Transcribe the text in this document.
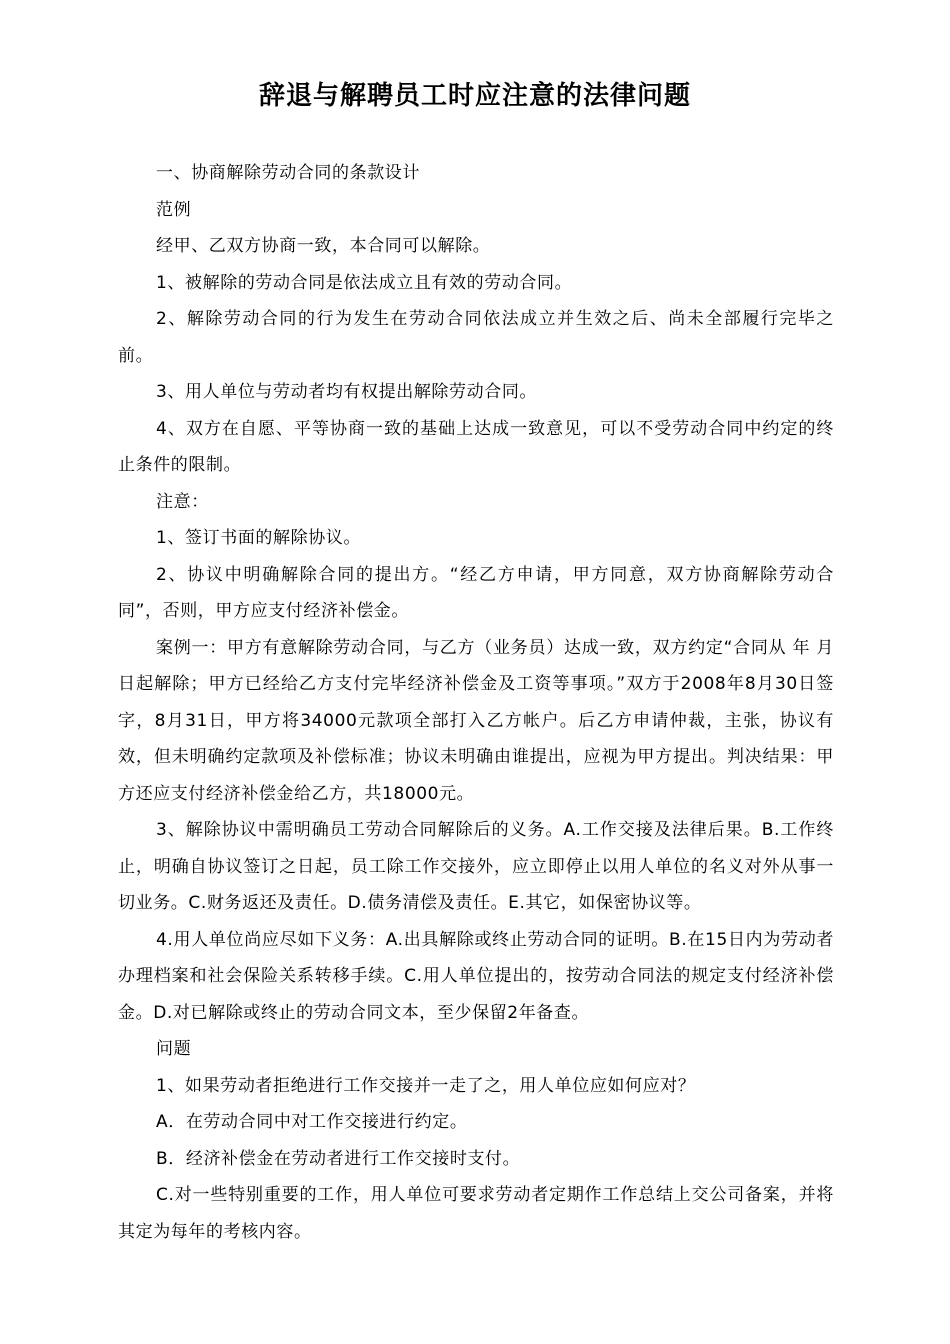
辞退与解聘员工时应注意的法律问题

一、协商解除劳动合同的条款设计

范例

经甲、乙双方协商一致，本合同可以解除。

1、被解除的劳动合同是依法成立且有效的劳动合同。

2、解除劳动合同的行为发生在劳动合同依法成立并生效之后、尚未全部履行完毕之前。

3、用人单位与劳动者均有权提出解除劳动合同。

4、双方在自愿、平等协商一致的基础上达成一致意见，可以不受劳动合同中约定的终止条件的限制。

注意：

1、签订书面的解除协议。

2、协议中明确解除合同的提出方。“经乙方申请，甲方同意，双方协商解除劳动合同”，否则，甲方应支付经济补偿金。

案例一：甲方有意解除劳动合同，与乙方（业务员）达成一致，双方约定“合同从 年 月 日起解除；甲方已经给乙方支付完毕经济补偿金及工资等事项。”双方于2008年8月30日签字，8月31日，甲方将34000元款项全部打入乙方帐户。后乙方申请仲裁，主张，协议有效，但未明确约定款项及补偿标准；协议未明确由谁提出，应视为甲方提出。判决结果：甲方还应支付经济补偿金给乙方，共18000元。

3、解除协议中需明确员工劳动合同解除后的义务。A.工作交接及法律后果。B.工作终止，明确自协议签订之日起，员工除工作交接外，应立即停止以用人单位的名义对外从事一切业务。C.财务返还及责任。D.债务清偿及责任。E.其它，如保密协议等。

4.用人单位尚应尽如下义务：A.出具解除或终止劳动合同的证明。B.在15日内为劳动者办理档案和社会保险关系转移手续。C.用人单位提出的，按劳动合同法的规定支付经济补偿金。D.对已解除或终止的劳动合同文本，至少保留2年备查。

问题

1、如果劳动者拒绝进行工作交接并一走了之，用人单位应如何应对？

A．在劳动合同中对工作交接进行约定。

B．经济补偿金在劳动者进行工作交接时支付。

C.对一些特别重要的工作，用人单位可要求劳动者定期作工作总结上交公司备案，并将其定为每年的考核内容。
